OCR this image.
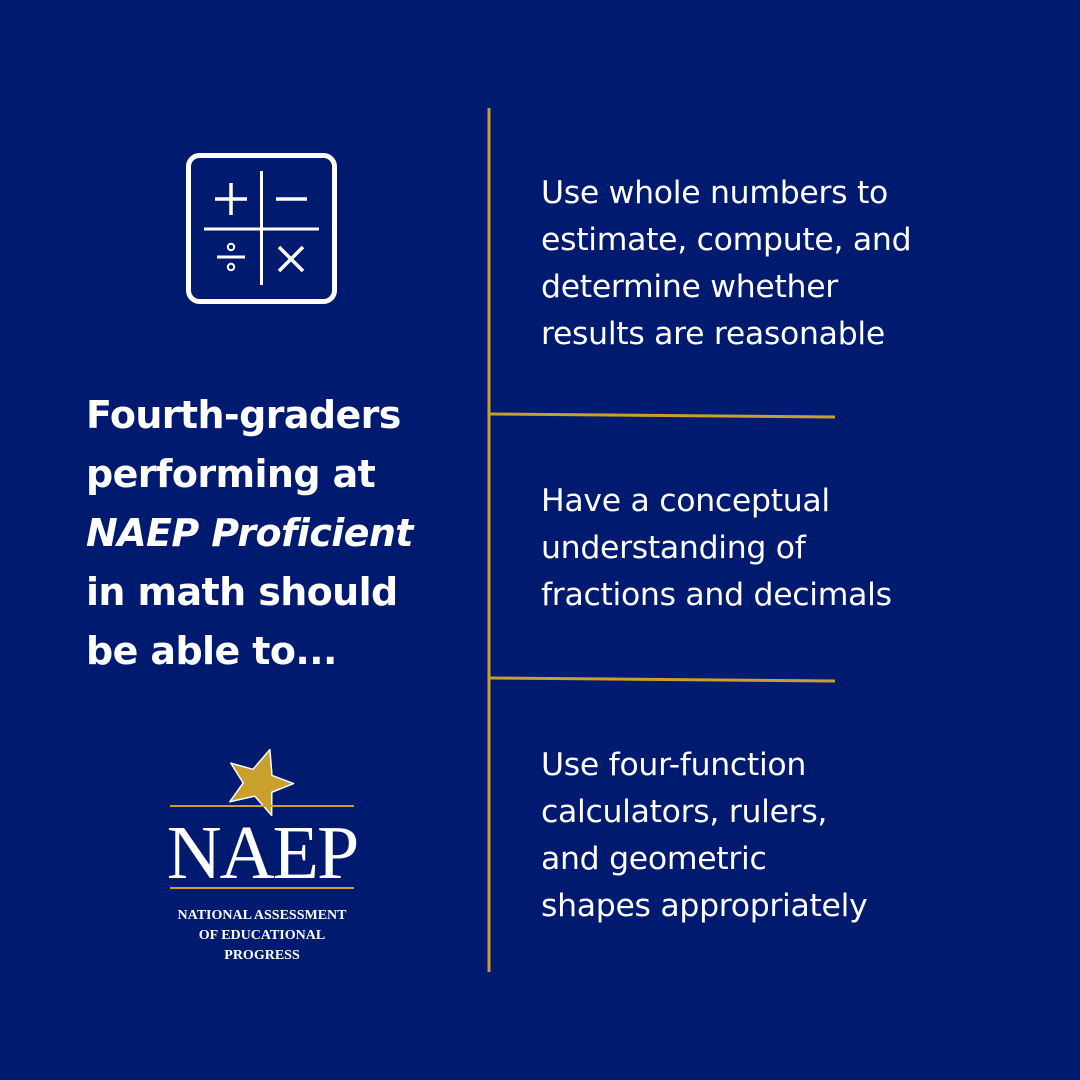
Fourth-graders
performing at
NAEP Proficient
in math should
be able to...

Use whole numbers to
estimate, compute, and
determine whether
results are reasonable

Have a conceptual
understanding of
fractions and decimals

Use four-function
calculators, rulers,
and geometric
shapes appropriately

NAEP
NATIONAL ASSESSMENT
OF EDUCATIONAL
PROGRESS
